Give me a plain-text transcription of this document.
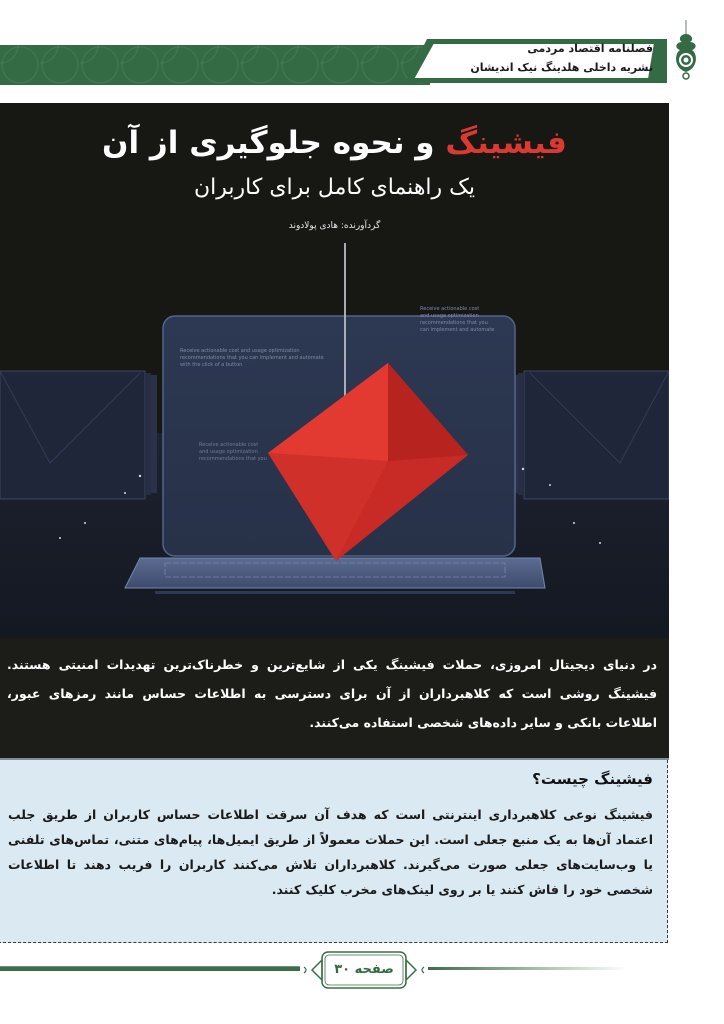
فصلنامه اقتصاد مردمی
نشریه داخلی هلدینگ نیک اندیشان
Receive actionable cost and usage optimization
recommendations that you can implement and automate
with the click of a button
Receive actionable cost
and usage optimization
recommendations that you
can implement and automate
Receive actionable cost
and usage optimization
recommendations that you
فیشینگ و نحوه جلوگیری از آن
یک راهنمای کامل برای کاربران
گردآورنده: هادی پولادوند

در دنیای دیجیتال امروزی، حملات فیشینگ یکی از شایع‌ترین و خطرناک‌ترین تهدیدات امنیتی هستند. فیشینگ روشی است که کلاهبرداران از آن برای دسترسی به اطلاعات حساس مانند رمزهای عبور، اطلاعات بانکی و سایر داده‌های شخصی استفاده می‌کنند.

فیشینگ چیست؟

فیشینگ نوعی کلاهبرداری اینترنتی است که هدف آن سرقت اطلاعات حساس کاربران از طریق جلب اعتماد آن‌ها به یک منبع جعلی است. این حملات معمولاً از طریق ایمیل‌ها، پیام‌های متنی، تماس‌های تلفنی یا وب‌سایت‌های جعلی صورت می‌گیرند. کلاهبرداران تلاش می‌کنند کاربران را فریب دهند تا اطلاعات شخصی خود را فاش کنند یا بر روی لینک‌های مخرب کلیک کنند.

صفحه ۳۰
